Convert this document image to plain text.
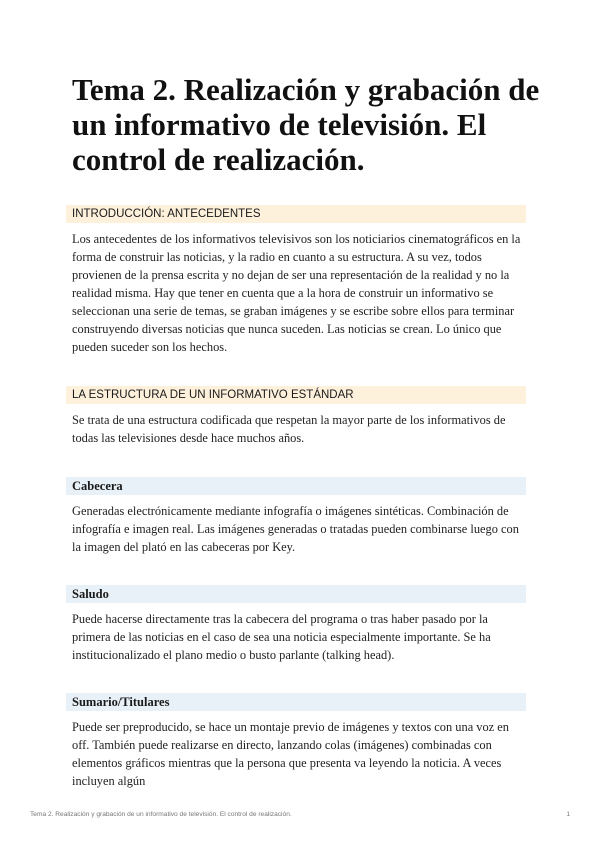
Tema 2. Realización y grabación de un informativo de televisión. El control de realización.
INTRODUCCIÓN: ANTECEDENTES

Los antecedentes de los informativos televisivos son los noticiarios cinematográficos en la forma de construir las noticias, y la radio en cuanto a su estructura. A su vez, todos provienen de la prensa escrita y no dejan de ser una representación de la realidad y no la realidad misma. Hay que tener en cuenta que a la hora de construir un informativo se seleccionan una serie de temas, se graban imágenes y se escribe sobre ellos para terminar construyendo diversas noticias que nunca suceden. Las noticias se crean. Lo único que pueden suceder son los hechos.

LA ESTRUCTURA DE UN INFORMATIVO ESTÁNDAR

Se trata de una estructura codificada que respetan la mayor parte de los informativos de todas las televisiones desde hace muchos años.

Cabecera

Generadas electrónicamente mediante infografía o imágenes sintéticas. Combinación de infografía e imagen real. Las imágenes generadas o tratadas pueden combinarse luego con la imagen del plató en las cabeceras por Key.

Saludo

Puede hacerse directamente tras la cabecera del programa o tras haber pasado por la primera de las noticias en el caso de sea una noticia especialmente importante. Se ha institucionalizado el plano medio o busto parlante (talking head).

Sumario/Titulares

Puede ser preproducido, se hace un montaje previo de imágenes y textos con una voz en off. También puede realizarse en directo, lanzando colas (imágenes) combinadas con elementos gráficos mientras que la persona que presenta va leyendo la noticia. A veces incluyen algún

Tema 2. Realización y grabación de un informativo de televisión. El control de realización.	1
